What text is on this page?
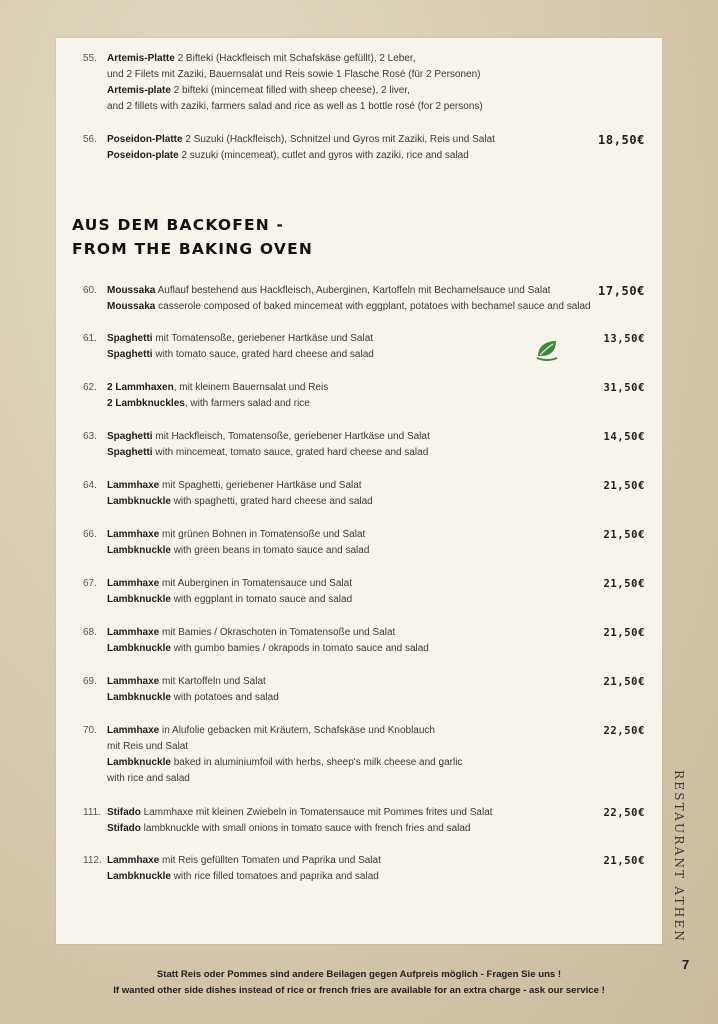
55.	Artemis-Platte 2 Bifteki (Hackfleisch mit Schafskäse gefüllt), 2 Leber,
und 2 Filets mit Zaziki, Bauernsalat und Reis sowie 1 Flasche Rosé (für 2 Personen)
Artemis-plate 2 bifteki (mincemeat filled with sheep cheese), 2 liver,
and 2 fillets with zaziki, farmers salad and rice as well as 1 bottle rosé (for 2 persons)
56.	Poseidon-Platte 2 Suzuki (Hackfleisch), Schnitzel und Gyros mit Zaziki, Reis und Salat
Poseidon-plate 2 suzuki (mincemeat), cutlet and gyros with zaziki, rice and salad
18,50€
60.	Moussaka Auflauf bestehend aus Hackfleisch, Auberginen, Kartoffeln mit Bechamelsauce und Salat
Moussaka casserole composed of baked mincemeat with eggplant, potatoes with bechamel sauce and salad
17,50€
61.	Spaghetti mit Tomatensoße, geriebener Hartkäse und Salat
Spaghetti with tomato sauce, grated hard cheese and salad
13,50€
62.	2 Lammhaxen, mit kleinem Bauernsalat und Reis
2 Lambknuckles, with farmers salad and rice
31,50€
63.	Spaghetti mit Hackfleisch, Tomatensoße, geriebener Hartkäse und Salat
Spaghetti with mincemeat, tomato sauce, grated hard cheese and salad
14,50€
64.	Lammhaxe mit Spaghetti, geriebener Hartkäse und Salat
Lambknuckle with spaghetti, grated hard cheese and salad
21,50€
66.	Lammhaxe mit grünen Bohnen in Tomatensoße und Salat
Lambknuckle with green beans in tomato sauce and salad
21,50€
67.	Lammhaxe mit Auberginen in Tomatensauce und Salat
Lambknuckle with eggplant in tomato sauce and salad
21,50€
68.	Lammhaxe mit Bamies / Okraschoten in Tomatensoße und Salat
Lambknuckle with gumbo bamies / okrapods in tomato sauce and salad
21,50€
69.	Lammhaxe mit Kartoffeln und Salat
Lambknuckle with potatoes and salad
21,50€
70.	Lammhaxe in Alufolie gebacken mit Kräutern, Schafskäse und Knoblauch
mit Reis und Salat
Lambknuckle baked in aluminiumfoil with herbs, sheep's milk cheese and garlic
with rice and salad
22,50€
111. Stifado Lammhaxe mit kleinen Zwiebeln in Tomatensauce mit Pommes frites und Salat
Stifado lambknuckle with small onions in tomato sauce with french fries and salad
22,50€
112. Lammhaxe mit Reis gefüllten Tomaten und Paprika und Salat
Lambknuckle with rice filled tomatoes and paprika and salad
21,50€
AUS DEM BACKOFEN -
FROM THE BAKING OVEN
RESTAURANT ATHEN
7
Statt Reis oder Pommes sind andere Beilagen gegen Aufpreis möglich - Fragen Sie uns !
If wanted other side dishes instead of rice or french fries are available for an extra charge - ask our service !
